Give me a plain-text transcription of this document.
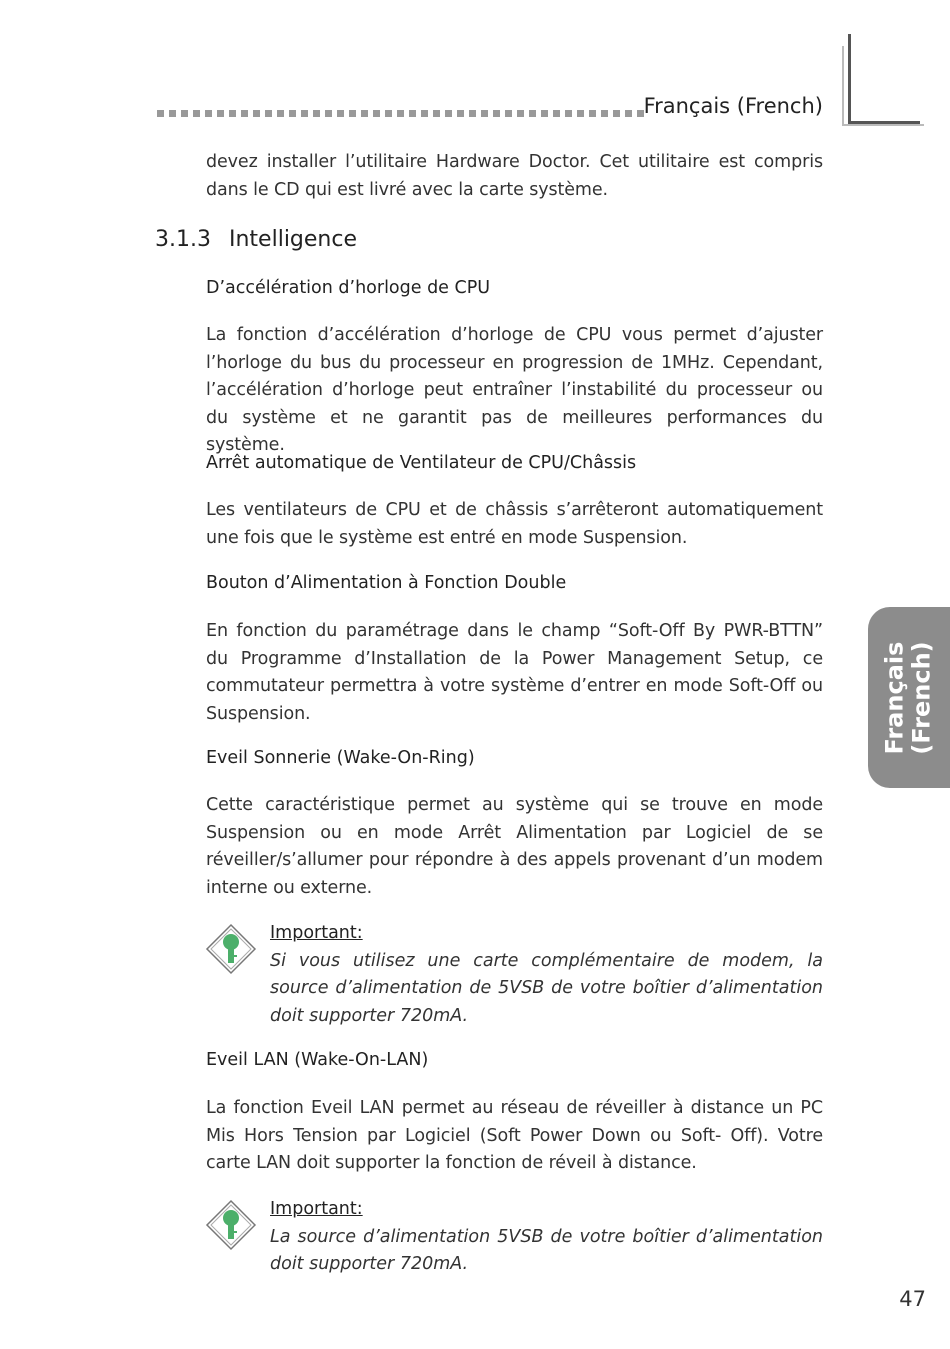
Français (French)

devez installer l’utilitaire Hardware Doctor. Cet utilitaire est compris dans le CD qui est livré avec la carte système.

3.1.3 Intelligence

D’accélération d’horloge de CPU

La fonction d’accélération d’horloge de CPU vous permet d’ajuster l’horloge du bus du processeur en progression de 1MHz. Cependant, l’accélération d’horloge peut entraîner l’instabilité du processeur ou du système et ne garantit pas de meilleures performances du système.

Arrêt automatique de Ventilateur de CPU/Châssis

Les ventilateurs de CPU et de châssis s’arrêteront automatiquement une fois que le système est entré en mode Suspension.

Bouton d’Alimentation à Fonction Double

En fonction du paramétrage dans le champ “Soft-Off By PWR-BTTN” du Programme d’Installation de la Power Management Setup, ce commutateur permettra à votre système d’entrer en mode Soft-Off ou Suspension.

Eveil Sonnerie (Wake-On-Ring)

Cette caractéristique permet au système qui se trouve en mode Suspension ou en mode Arrêt Alimentation par Logiciel de se réveiller/s’allumer pour répondre à des appels provenant d’un modem interne ou externe.

Important:

Si vous utilisez une carte complémentaire de modem, la source d’alimentation de 5VSB de votre boîtier d’alimentation doit supporter 720mA.

Eveil LAN (Wake-On-LAN)

La fonction Eveil LAN permet au réseau de réveiller à distance un PC Mis Hors Tension par Logiciel (Soft Power Down ou Soft- Off). Votre carte LAN doit supporter la fonction de réveil à distance.

Important:

La source d’alimentation 5VSB de votre boîtier d’alimentation doit supporter 720mA.

Français (French)
47
